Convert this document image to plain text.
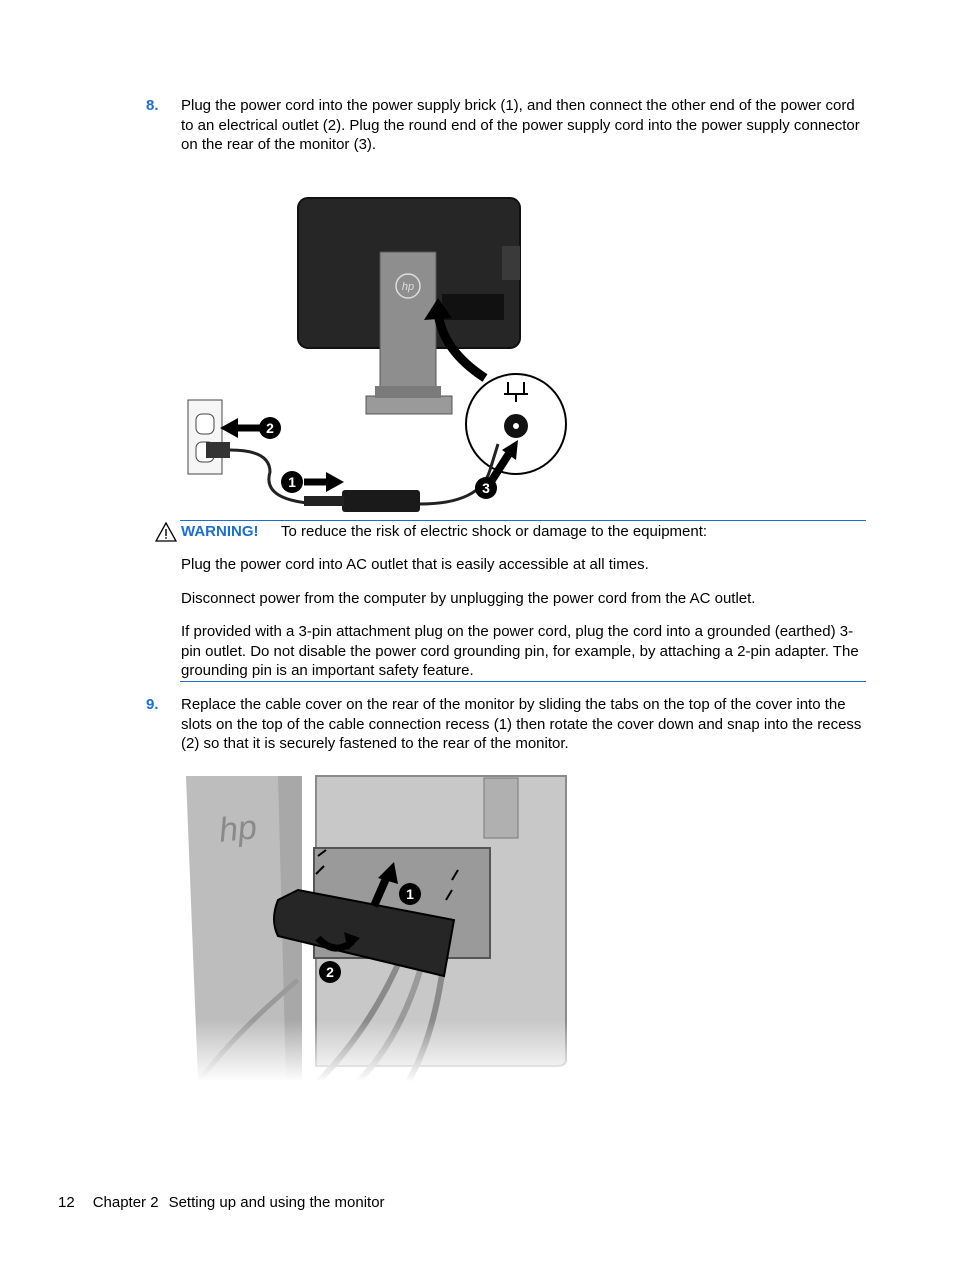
8. Plug the power cord into the power supply brick (1), and then connect the other end of the power cord to an electrical outlet (2). Plug the round end of the power supply cord into the power supply connector on the rear of the monitor (3).
hp
1
2
3
WARNING! To reduce the risk of electric shock or damage to the equipment:
Plug the power cord into AC outlet that is easily accessible at all times.
Disconnect power from the computer by unplugging the power cord from the AC outlet.
If provided with a 3-pin attachment plug on the power cord, plug the cord into a grounded (earthed) 3-pin outlet. Do not disable the power cord grounding pin, for example, by attaching a 2-pin adapter. The grounding pin is an important safety feature.
9. Replace the cable cover on the rear of the monitor by sliding the tabs on the top of the cover into the slots on the top of the cable connection recess (1) then rotate the cover down and snap into the recess (2) so that it is securely fastened to the rear of the monitor.
hp
1
2
12 Chapter 2 Setting up and using the monitor
